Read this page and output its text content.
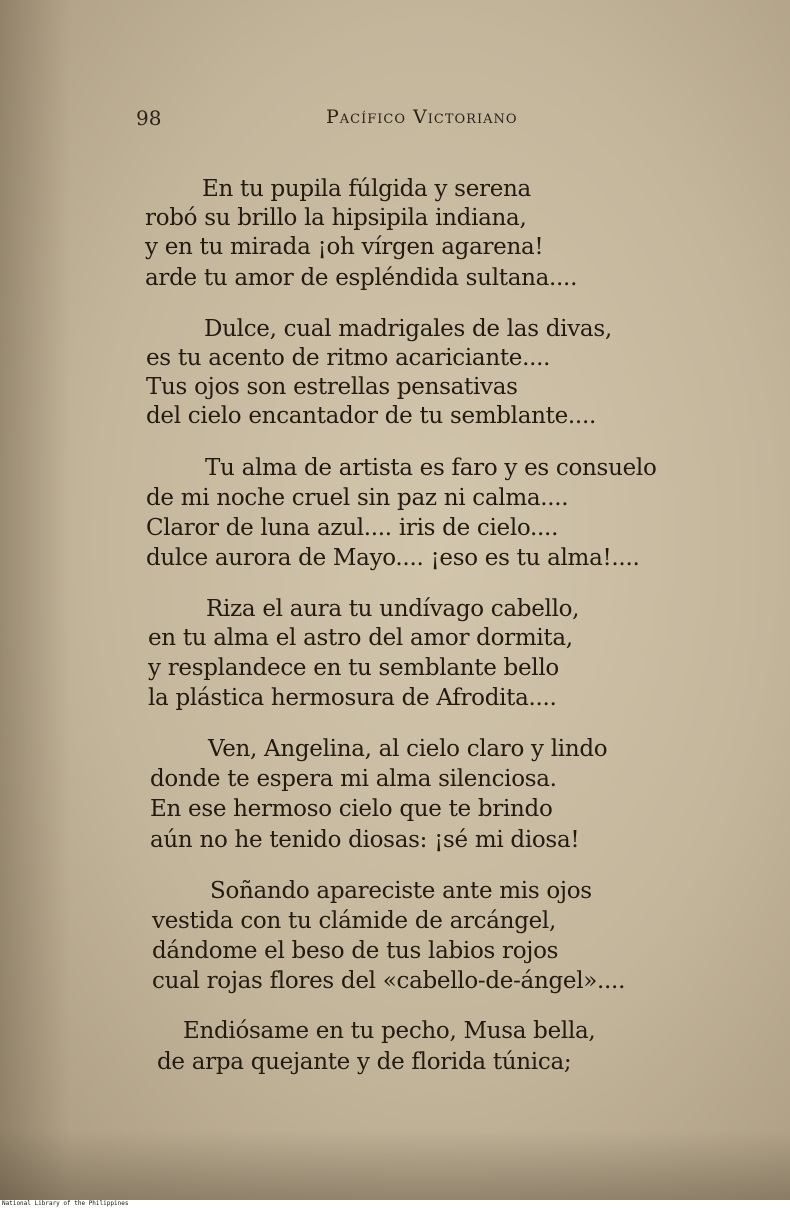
98	Pacífico Victoriano
En tu pupila fúlgida y serena
robó su brillo la hipsipila indiana,
y en tu mirada ¡oh vírgen agarena!
arde tu amor de espléndida sultana....
Dulce, cual madrigales de las divas,
es tu acento de ritmo acariciante....
Tus ojos son estrellas pensativas
del cielo encantador de tu semblante....
Tu alma de artista es faro y es consuelo
de mi noche cruel sin paz ni calma....
Claror de luna azul.... iris de cielo....
dulce aurora de Mayo.... ¡eso es tu alma!....
Riza el aura tu undívago cabello,
en tu alma el astro del amor dormita,
y resplandece en tu semblante bello
la plástica hermosura de Afrodita....
Ven, Angelina, al cielo claro y lindo
donde te espera mi alma silenciosa.
En ese hermoso cielo que te brindo
aún no he tenido diosas: ¡sé mi diosa!
Soñando apareciste ante mis ojos
vestida con tu clámide de arcángel,
dándome el beso de tus labios rojos
cual rojas flores del «cabello-de-ángel»....
Endiósame en tu pecho, Musa bella,
de arpa quejante y de florida túnica;
National Library of the Philippines
